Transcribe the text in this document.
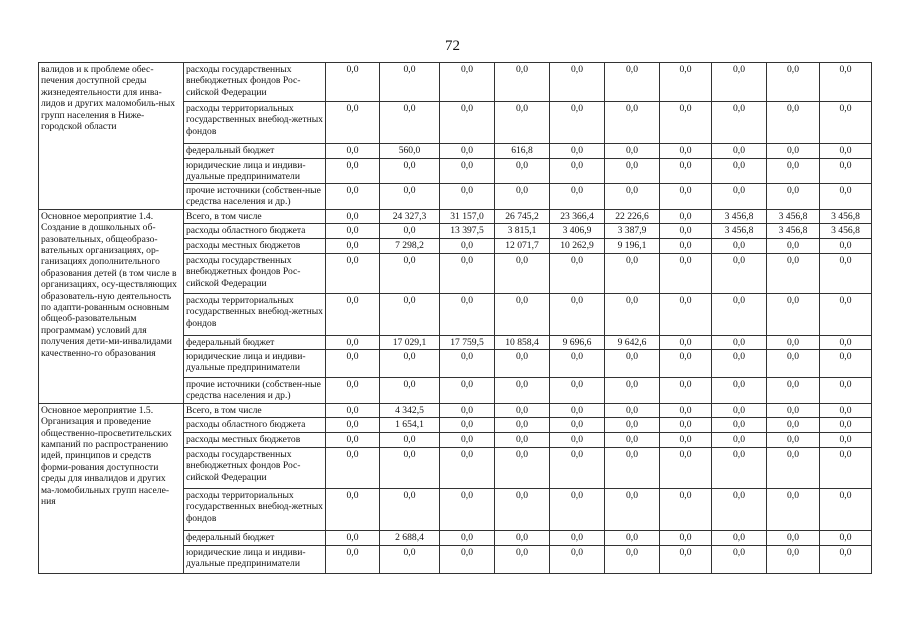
72
валидов и к проблеме обес-печения доступной среды жизнедеятельности для инва-лидов и других маломобиль-ных групп населения в Ниже-городской области	расходы государственных внебюджетных фондов Рос-сийской Федерации	0,0	0,0	0,0	0,0	0,0	0,0	0,0	0,0	0,0	0,0
	расходы территориальных государственных внебюд-жетных фондов	0,0	0,0	0,0	0,0	0,0	0,0	0,0	0,0	0,0	0,0
	федеральный бюджет	0,0	560,0	0,0	616,8	0,0	0,0	0,0	0,0	0,0	0,0
	юридические лица и индиви-дуальные предприниматели	0,0	0,0	0,0	0,0	0,0	0,0	0,0	0,0	0,0	0,0
	прочие источники (собствен-ные средства населения и др.)	0,0	0,0	0,0	0,0	0,0	0,0	0,0	0,0	0,0	0,0
Основное мероприятие 1.4. Создание в дошкольных об-разовательных, общеобразо-вательных организациях, ор-ганизациях дополнительного образования детей (в том числе в организациях, осу-ществляющих образователь-ную деятельность по адапти-рованным основным общеоб-разовательным программам) условий для получения дети-ми-инвалидами качественно-го образования	Всего, в том числе	0,0	24 327,3	31 157,0	26 745,2	23 366,4	22 226,6	0,0	3 456,8	3 456,8	3 456,8
	расходы областного бюджета	0,0	0,0	13 397,5	3 815,1	3 406,9	3 387,9	0,0	3 456,8	3 456,8	3 456,8
	расходы местных бюджетов	0,0	7 298,2	0,0	12 071,7	10 262,9	9 196,1	0,0	0,0	0,0	0,0
	расходы государственных внебюджетных фондов Рос-сийской Федерации	0,0	0,0	0,0	0,0	0,0	0,0	0,0	0,0	0,0	0,0
	расходы территориальных государственных внебюд-жетных фондов	0,0	0,0	0,0	0,0	0,0	0,0	0,0	0,0	0,0	0,0
	федеральный бюджет	0,0	17 029,1	17 759,5	10 858,4	9 696,6	9 642,6	0,0	0,0	0,0	0,0
	юридические лица и индиви-дуальные предприниматели	0,0	0,0	0,0	0,0	0,0	0,0	0,0	0,0	0,0	0,0
	прочие источники (собствен-ные средства населения и др.)	0,0	0,0	0,0	0,0	0,0	0,0	0,0	0,0	0,0	0,0
Основное мероприятие 1.5. Организация и проведение общественно-просветительских кампаний по распространению идей, принципов и средств форми-рования доступности среды для инвалидов и других ма-ломобильных групп населе-ния	Всего, в том числе	0,0	4 342,5	0,0	0,0	0,0	0,0	0,0	0,0	0,0	0,0
	расходы областного бюджета	0,0	1 654,1	0,0	0,0	0,0	0,0	0,0	0,0	0,0	0,0
	расходы местных бюджетов	0,0	0,0	0,0	0,0	0,0	0,0	0,0	0,0	0,0	0,0
	расходы государственных внебюджетных фондов Рос-сийской Федерации	0,0	0,0	0,0	0,0	0,0	0,0	0,0	0,0	0,0	0,0
	расходы территориальных государственных внебюд-жетных фондов	0,0	0,0	0,0	0,0	0,0	0,0	0,0	0,0	0,0	0,0
	федеральный бюджет	0,0	2 688,4	0,0	0,0	0,0	0,0	0,0	0,0	0,0	0,0
	юридические лица и индиви-дуальные предприниматели	0,0	0,0	0,0	0,0	0,0	0,0	0,0	0,0	0,0	0,0
